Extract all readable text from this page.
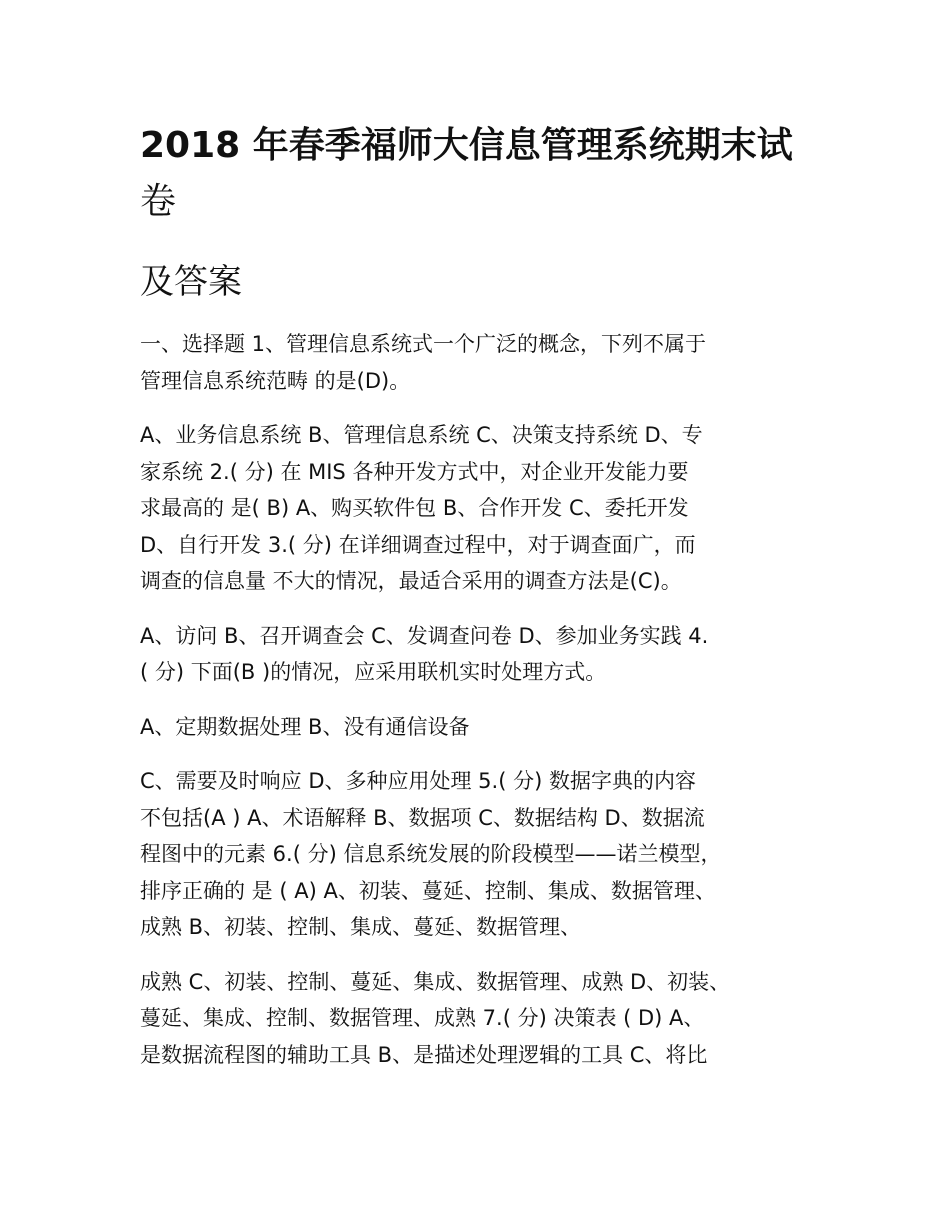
2018 年春季福师大信息管理系统期末试

卷

及答案

一、选择题 1、管理信息系统式一个广泛的概念，下列不属于
管理信息系统范畴 的是(D)。
A、业务信息系统 B、管理信息系统 C、决策支持系统 D、专
家系统 2.( 分) 在 MIS 各种开发方式中，对企业开发能力要
求最高的 是( B) A、购买软件包 B、合作开发 C、委托开发
D、自行开发 3.( 分) 在详细调查过程中，对于调查面广，而
调查的信息量 不大的情况，最适合采用的调查方法是(C)。
A、访问 B、召开调查会 C、发调查问卷 D、参加业务实践 4.
( 分) 下面(B )的情况，应采用联机实时处理方式。
A、定期数据处理 B、没有通信设备
C、需要及时响应 D、多种应用处理 5.( 分) 数据字典的内容
不包括(A ) A、术语解释 B、数据项 C、数据结构 D、数据流
程图中的元素 6.( 分) 信息系统发展的阶段模型——诺兰模型，
排序正确的 是 ( A) A、初装、蔓延、控制、集成、数据管理、
成熟 B、初装、控制、集成、蔓延、数据管理、
成熟 C、初装、控制、蔓延、集成、数据管理、成熟 D、初装、
蔓延、集成、控制、数据管理、成熟 7.( 分) 决策表 ( D) A、
是数据流程图的辅助工具 B、是描述处理逻辑的工具 C、将比
